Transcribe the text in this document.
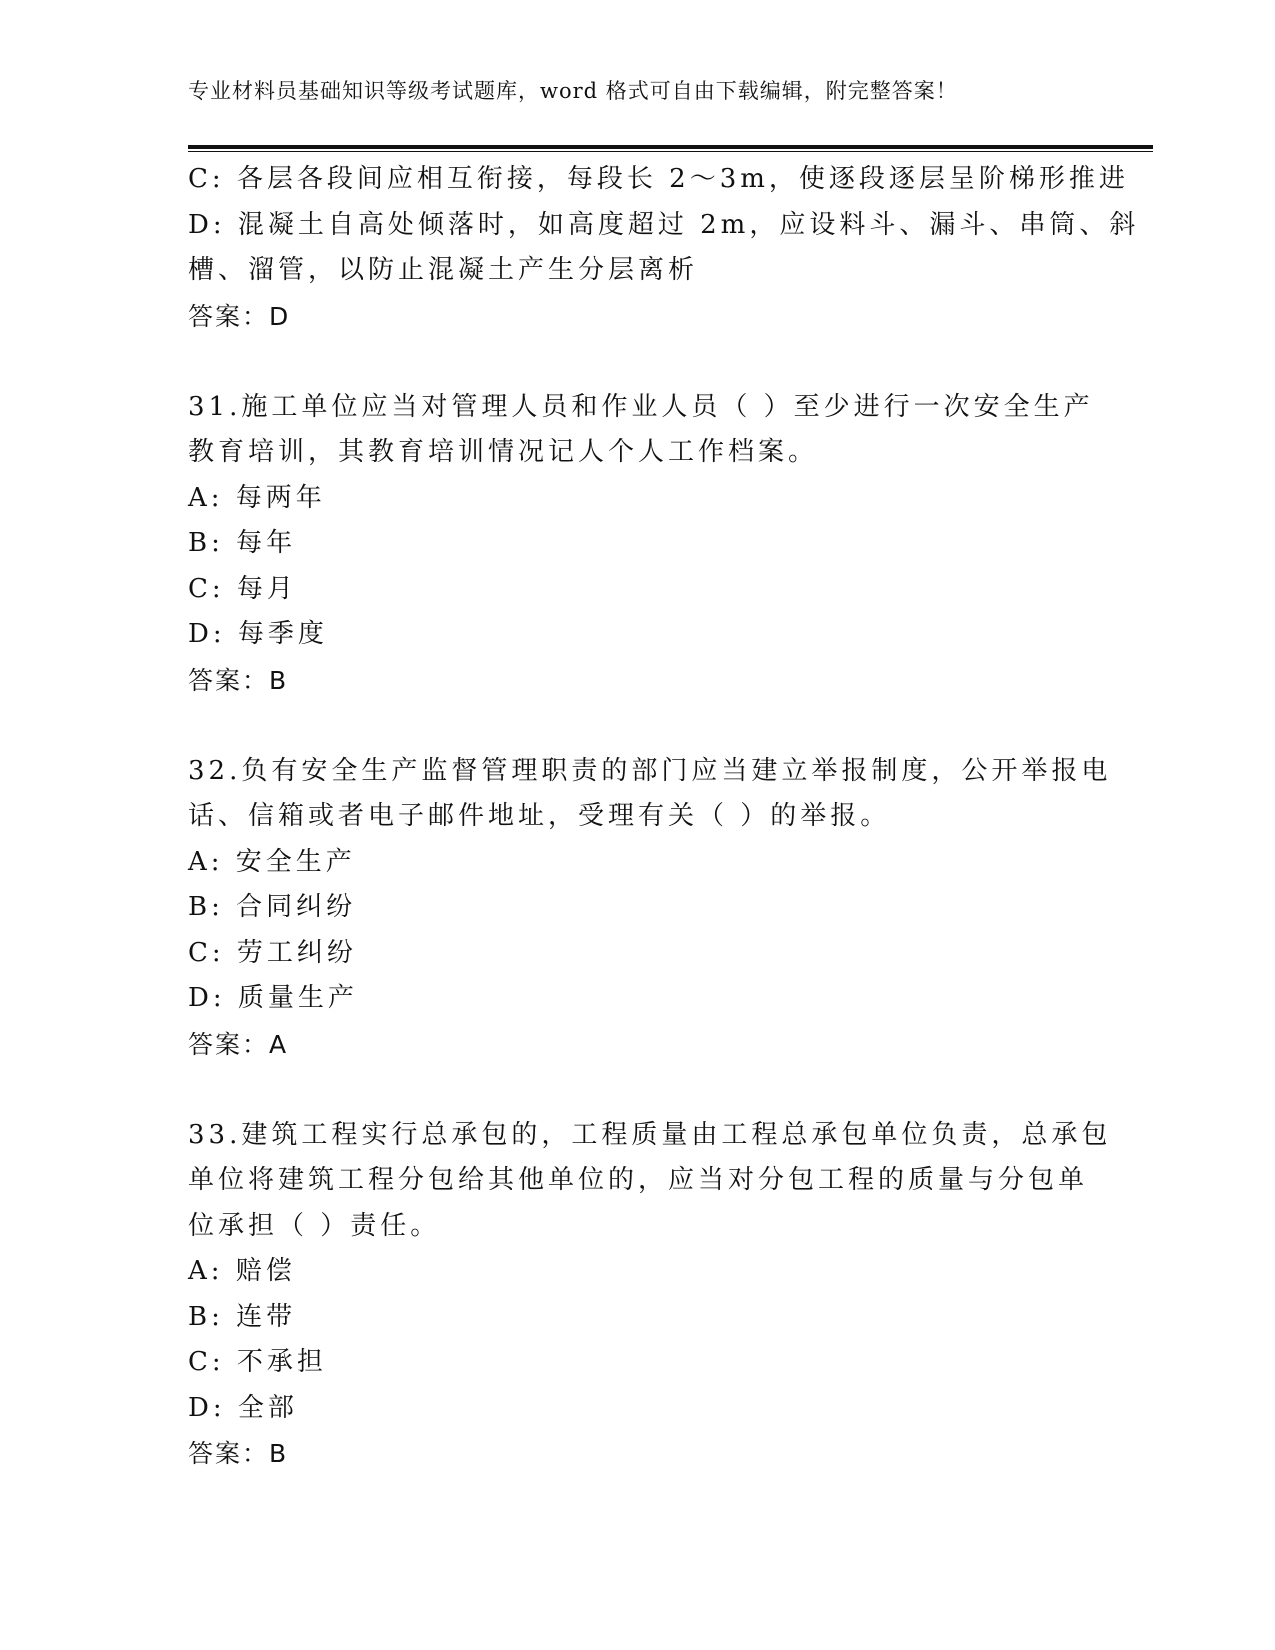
专业材料员基础知识等级考试题库，word 格式可自由下载编辑，附完整答案！
C: 各层各段间应相互衔接，每段长 2～3m，使逐段逐层呈阶梯形推进
D: 混凝土自高处倾落时，如高度超过 2m，应设料斗、漏斗、串筒、斜
槽、溜管，以防止混凝土产生分层离析
答案：D
31.施工单位应当对管理人员和作业人员（ ）至少进行一次安全生产
教育培训，其教育培训情况记人个人工作档案。
A: 每两年
B: 每年
C: 每月
D: 每季度
答案：B
32.负有安全生产监督管理职责的部门应当建立举报制度，公开举报电
话、信箱或者电子邮件地址，受理有关（ ）的举报。
A: 安全生产
B: 合同纠纷
C: 劳工纠纷
D: 质量生产
答案：A
33.建筑工程实行总承包的，工程质量由工程总承包单位负责，总承包
单位将建筑工程分包给其他单位的，应当对分包工程的质量与分包单
位承担（ ）责任。
A: 赔偿
B: 连带
C: 不承担
D: 全部
答案：B
